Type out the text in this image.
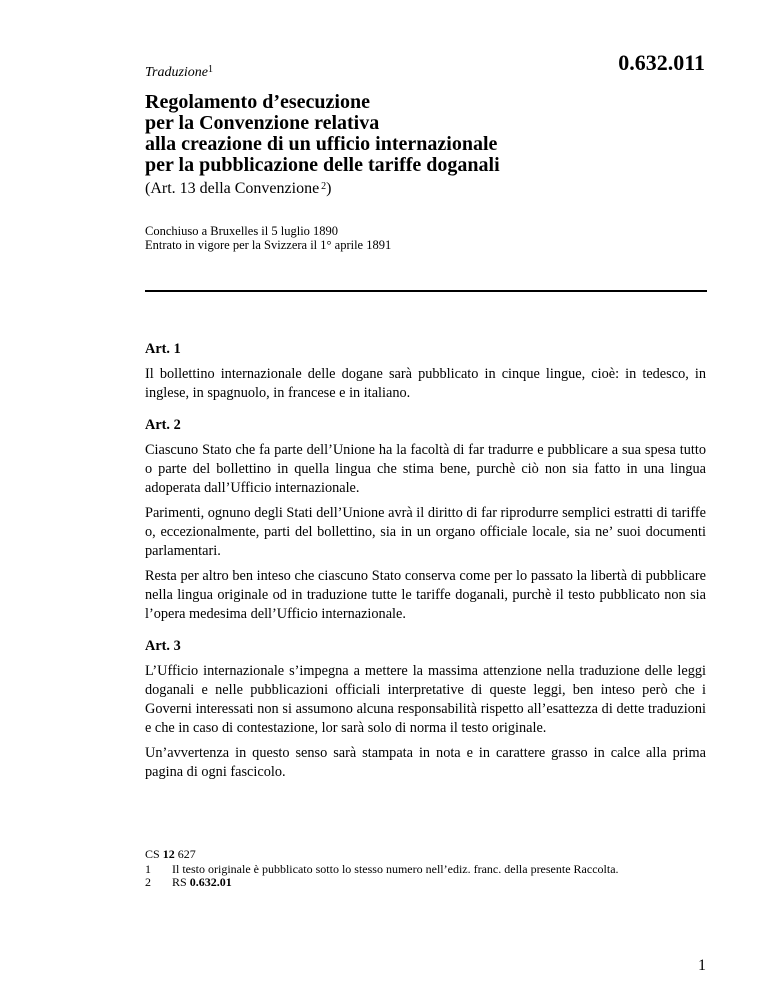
Traduzione$^1$	0.632.011
Regolamento d’esecuzione
per la Convenzione relativa
alla creazione di un ufficio internazionale
per la pubblicazione delle tariffe doganali
(Art. 13 della Convenzione $^2$)
Conchiuso a Bruxelles il 5 luglio 1890
Entrato in vigore per la Svizzera il 1° aprile 1891
Art. 1

Il bollettino internazionale delle dogane sarà pubblicato in cinque lingue, cioè: in tedesco, in inglese, in spagnuolo, in francese e in italiano.

Art. 2

Ciascuno Stato che fa parte dell’Unione ha la facoltà di far tradurre e pubblicare a sua spesa tutto o parte del bollettino in quella lingua che stima bene, purchè ciò non sia fatto in una lingua adoperata dall’Ufficio internazionale.

Parimenti, ognuno degli Stati dell’Unione avrà il diritto di far riprodurre semplici estratti di tariffe o, eccezionalmente, parti del bollettino, sia in un organo officiale locale, sia ne’ suoi documenti parlamentari.

Resta per altro ben inteso che ciascuno Stato conserva come per lo passato la libertà di pubblicare nella lingua originale od in traduzione tutte le tariffe doganali, purchè il testo pubblicato non sia l’opera medesima dell’Ufficio internazionale.

Art. 3

L’Ufficio internazionale s’impegna a mettere la massima attenzione nella traduzione delle leggi doganali e nelle pubblicazioni officiali interpretative di queste leggi, ben inteso però che i Governi interessati non si assumono alcuna responsabilità rispetto all’esattezza di dette traduzioni e che in caso di contestazione, lor sarà solo di norma il testo originale.

Un’avvertenza in questo senso sarà stampata in nota e in carattere grasso in calce alla prima pagina di ogni fascicolo.

CS 12 627
1	Il testo originale è pubblicato sotto lo stesso numero nell’ediz. franc. della presente Raccolta.
2	RS 0.632.01
1
